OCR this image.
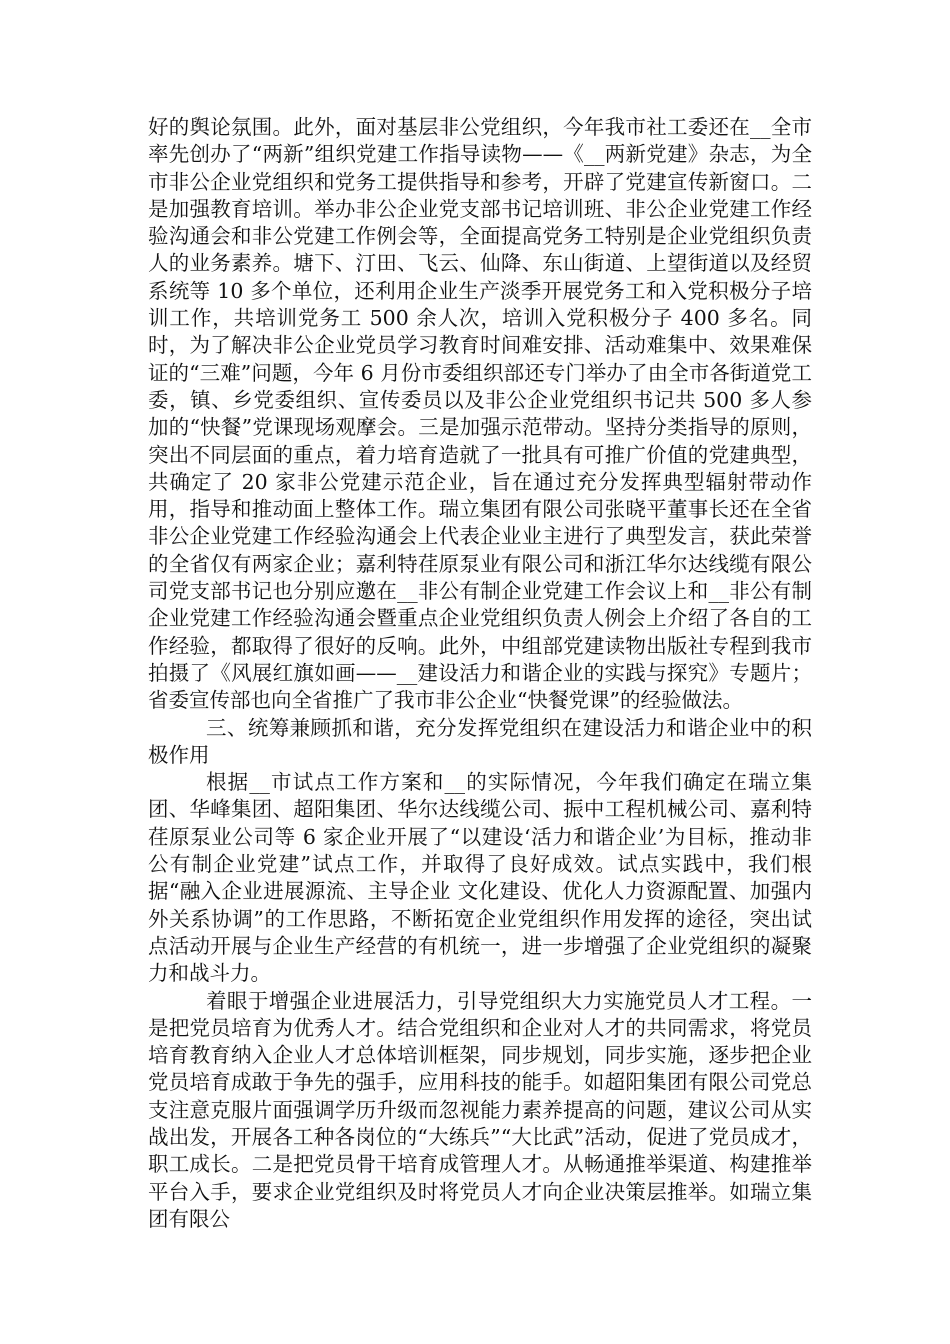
好的舆论氛围。此外，面对基层非公党组织，今年我市社工委还在__全市率先创办了“两新”组织党建工作指导读物——《__两新党建》杂志，为全市非公企业党组织和党务工提供指导和参考，开辟了党建宣传新窗口。二是加强教育培训。举办非公企业党支部书记培训班、非公企业党建工作经验沟通会和非公党建工作例会等，全面提高党务工特别是企业党组织负责人的业务素养。塘下、汀田、飞云、仙降、东山街道、上望街道以及经贸系统等 10 多个单位，还利用企业生产淡季开展党务工和入党积极分子培训工作，共培训党务工 500 余人次，培训入党积极分子 400 多名。同时，为了解决非公企业党员学习教育时间难安排、活动难集中、效果难保证的“三难”问题，今年 6 月份市委组织部还专门举办了由全市各街道党工委，镇、乡党委组织、宣传委员以及非公企业党组织书记共 500 多人参加的“快餐”党课现场观摩会。三是加强示范带动。坚持分类指导的原则，突出不同层面的重点，着力培育造就了一批具有可推广价值的党建典型，共确定了 20 家非公党建示范企业，旨在通过充分发挥典型辐射带动作用，指导和推动面上整体工作。瑞立集团有限公司张晓平董事长还在全省非公企业党建工作经验沟通会上代表企业业主进行了典型发言，获此荣誉的全省仅有两家企业；嘉利特荏原泵业有限公司和浙江华尔达线缆有限公司党支部书记也分别应邀在__非公有制企业党建工作会议上和__非公有制企业党建工作经验沟通会暨重点企业党组织负责人例会上介绍了各自的工作经验，都取得了很好的反响。此外，中组部党建读物出版社专程到我市拍摄了《风展红旗如画——__建设活力和谐企业的实践与探究》专题片；省委宣传部也向全省推广了我市非公企业“快餐党课”的经验做法。

三、统筹兼顾抓和谐，充分发挥党组织在建设活力和谐企业中的积极作用

根据__市试点工作方案和__的实际情况，今年我们确定在瑞立集团、华峰集团、超阳集团、华尔达线缆公司、振中工程机械公司、嘉利特荏原泵业公司等 6 家企业开展了“以建设‘活力和谐企业’为目标，推动非公有制企业党建”试点工作，并取得了良好成效。试点实践中，我们根据“融入企业进展源流、主导企业 文化建设、优化人力资源配置、加强内外关系协调”的工作思路，不断拓宽企业党组织作用发挥的途径，突出试点活动开展与企业生产经营的有机统一，进一步增强了企业党组织的凝聚力和战斗力。

着眼于增强企业进展活力，引导党组织大力实施党员人才工程。一是把党员培育为优秀人才。结合党组织和企业对人才的共同需求，将党员培育教育纳入企业人才总体培训框架，同步规划，同步实施，逐步把企业党员培育成敢于争先的强手，应用科技的能手。如超阳集团有限公司党总支注意克服片面强调学历升级而忽视能力素养提高的问题，建议公司从实战出发，开展各工种各岗位的“大练兵”“大比武”活动，促进了党员成才，职工成长。二是把党员骨干培育成管理人才。从畅通推举渠道、构建推举平台入手，要求企业党组织及时将党员人才向企业决策层推举。如瑞立集团有限公
